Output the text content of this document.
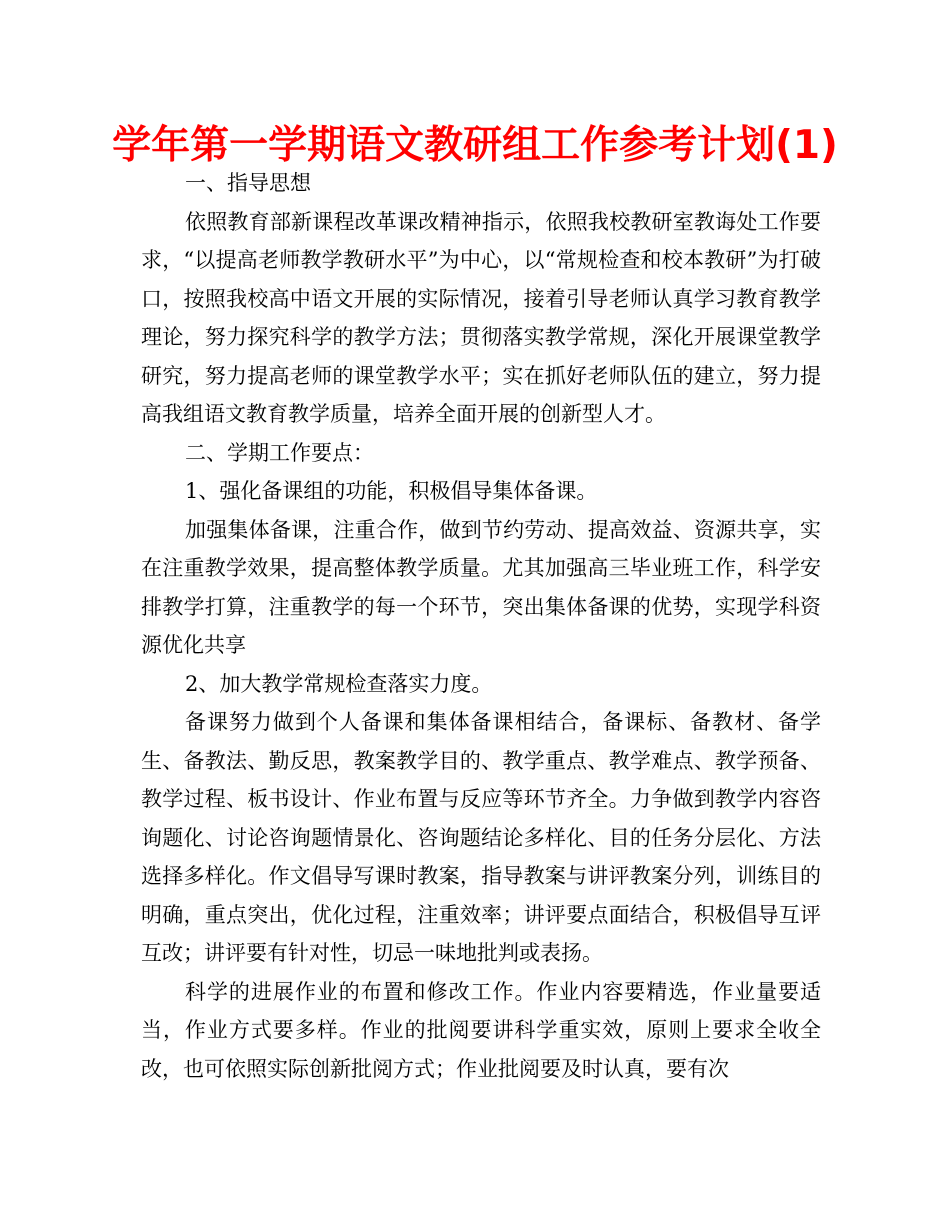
学年第一学期语文教研组工作参考计划(1)

一、指导思想

依照教育部新课程改革课改精神指示，依照我校教研室教诲处工作要求，“以提高老师教学教研水平”为中心，以“常规检查和校本教研”为打破口，按照我校高中语文开展的实际情况，接着引导老师认真学习教育教学理论，努力探究科学的教学方法；贯彻落实教学常规，深化开展课堂教学研究，努力提高老师的课堂教学水平；实在抓好老师队伍的建立，努力提高我组语文教育教学质量，培养全面开展的创新型人才。

二、学期工作要点：

1、强化备课组的功能，积极倡导集体备课。

加强集体备课，注重合作，做到节约劳动、提高效益、资源共享，实在注重教学效果，提高整体教学质量。尤其加强高三毕业班工作，科学安排教学打算，注重教学的每一个环节，突出集体备课的优势，实现学科资源优化共享

2、加大教学常规检查落实力度。

备课努力做到个人备课和集体备课相结合，备课标、备教材、备学生、备教法、勤反思，教案教学目的、教学重点、教学难点、教学预备、教学过程、板书设计、作业布置与反应等环节齐全。力争做到教学内容咨询题化、讨论咨询题情景化、咨询题结论多样化、目的任务分层化、方法选择多样化。作文倡导写课时教案，指导教案与讲评教案分列，训练目的明确，重点突出，优化过程，注重效率；讲评要点面结合，积极倡导互评互改；讲评要有针对性，切忌一味地批判或表扬。

科学的进展作业的布置和修改工作。作业内容要精选，作业量要适当，作业方式要多样。作业的批阅要讲科学重实效，原则上要求全收全改，也可依照实际创新批阅方式；作业批阅要及时认真，要有次
